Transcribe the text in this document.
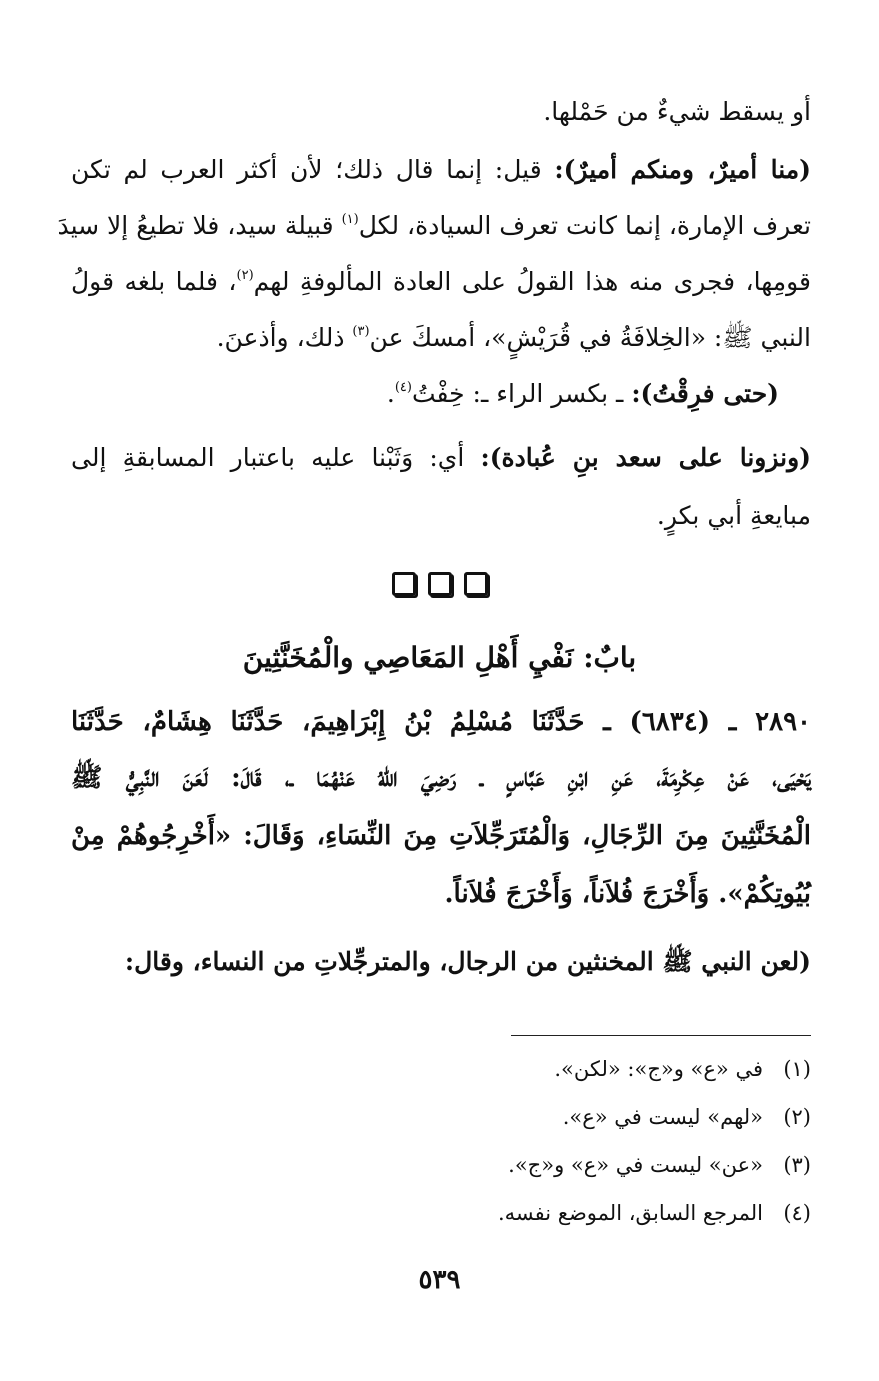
أو يسقط شيءٌ من حَمْلها.
(منا أميرٌ، ومنكم أميرٌ): قيل: إنما قال ذلك؛ لأن أكثر العرب لم تكن
تعرف الإمارة، إنما كانت تعرف السيادة، لكل$^{(١)}$ قبيلة سيد، فلا تطيعُ إلا سيدَ
قومِها، فجرى منه هذا القولُ على العادة المألوفةِ لهم$^{(٢)}$، فلما بلغه قولُ
النبي ﷺ: «الخِلافَةُ في قُرَيْشٍ»، أمسكَ عن$^{(٣)}$ ذلك، وأذعنَ.
(حتى فرِقْتُ): ـ بكسر الراء ـ: خِفْتُ$^{(٤)}$.
(ونزونا على سعد بنِ عُبادة): أي: وَثَبْنا عليه باعتبار المسابقةِ إلى
مبايعةِ أبي بكرٍ.
بابٌ: نَفْيِ أَهْلِ المَعَاصِي والْمُخَنَّثِينَ
٢٨٩٠ ـ (٦٨٣٤) ـ حَدَّثَنَا مُسْلِمُ بْنُ إِبْرَاهِيمَ، حَدَّثَنَا هِشَامٌ، حَدَّثَنَا
يَحْيَى، عَنْ عِكْرِمَةَ، عَنِ ابْنِ عَبَّاسٍ ـ رَضِيَ اللهُ عَنْهُمَا ـ، قَالَ: لَعَنَ النَّبِيُّ ﷺ
الْمُخَنَّثِينَ مِنَ الرِّجَالِ، وَالْمُتَرَجِّلاَتِ مِنَ النِّسَاءِ، وَقَالَ: «أَخْرِجُوهُمْ مِنْ
بُيُوتِكُمْ». وَأَخْرَجَ فُلاَناً، وَأَخْرَجَ فُلاَناً.
(لعن النبي ﷺ المخنثين من الرجال، والمترجِّلاتِ من النساء، وقال:
(١)في «ع» و«ج»: «لكن».
(٢)«لهم» ليست في «ع».
(٣)«عن» ليست في «ع» و«ج».
(٤)المرجع السابق، الموضع نفسه.
٥٣٩
